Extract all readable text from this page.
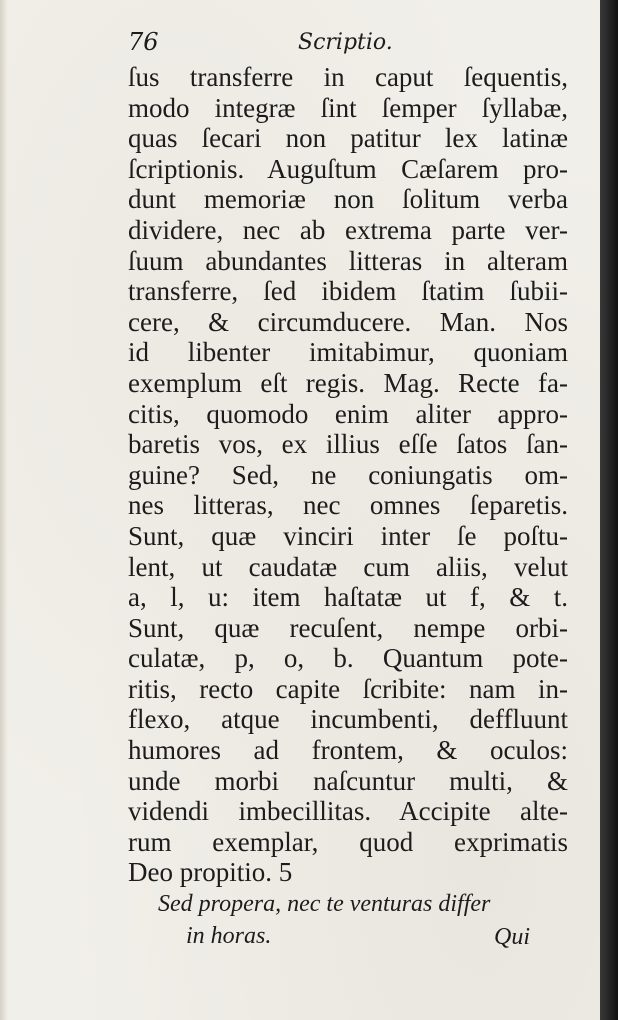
76	Scriptio.
ſus transferre in caput ſequentis,
modo integræ ſint ſemper ſyllabæ,
quas ſecari non patitur lex latinæ
ſcriptionis. Auguſtum Cæſarem pro-
dunt memoriæ non ſolitum verba
dividere, nec ab extrema parte ver-
ſuum abundantes litteras in alteram
transferre, ſed ibidem ſtatim ſubii-
cere, & circumducere. Man. Nos
id libenter imitabimur, quoniam
exemplum eſt regis. Mag. Recte fa-
citis, quomodo enim aliter appro-
baretis vos, ex illius eſſe ſatos ſan-
guine? Sed, ne coniungatis om-
nes litteras, nec omnes ſeparetis.
Sunt, quæ vinciri inter ſe poſtu-
lent, ut caudatæ cum aliis, velut
a, l, u: item haſtatæ ut f, & t.
Sunt, quæ recuſent, nempe orbi-
culatæ, p, o, b. Quantum pote-
ritis, recto capite ſcribite: nam in-
flexo, atque incumbenti, deffluunt
humores ad frontem, & oculos:
unde morbi naſcuntur multi, &
videndi imbecillitas. Accipite alte-
rum exemplar, quod exprimatis
Deo propitio. 5
Sed propera, nec te venturas differ
in horas.	Qui
